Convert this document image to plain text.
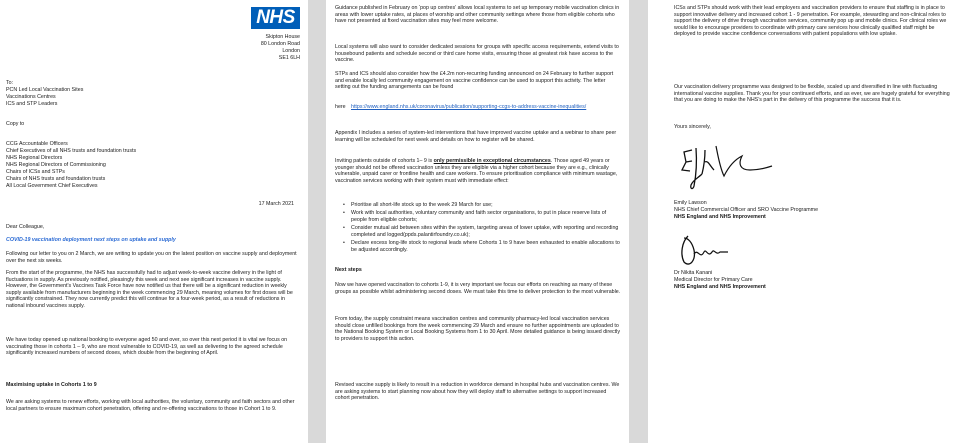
NHS
Skipton House
80 London Road
London
SE1 6LH
To:
PCN Led Local Vaccination Sites
Vaccinations Centres
ICS and STP Leaders
Copy to
CCG Accountable Officers
Chief Executives of all NHS trusts and foundation trusts
NHS Regional Directors
NHS Regional Directors of Commissioning
Chairs of ICSs and STPs
Chairs of NHS trusts and foundation trusts
All Local Government Chief Executives
17 March 2021
Dear Colleague,
COVID-19 vaccination deployment next steps on uptake and supply
Following our letter to you on 2 March, we are writing to update you on the latest position on vaccine supply and deployment over the next six weeks.
From the start of the programme, the NHS has successfully had to adjust week-to-week vaccine delivery in the light of fluctuations in supply. As previously notified, pleasingly this week and next see significant increases in vaccine supply. However, the Government's Vaccines Task Force have now notified us that there will be a significant reduction in weekly supply available from manufacturers beginning in the week commencing 29 March, meaning volumes for first doses will be significantly constrained. They now currently predict this will continue for a four-week period, as a result of reductions in national inbound vaccines supply.
We have today opened up national booking to everyone aged 50 and over, so over this next period it is vital we focus on vaccinating those in cohorts 1 – 9, who are most vulnerable to COVID-19, as well as delivering to the agreed schedule significantly increased numbers of second doses, which double from the beginning of April.
Maximising uptake in Cohorts 1 to 9
We are asking systems to renew efforts, working with local authorities, the voluntary, community and faith sectors and other local partners to ensure maximum cohort penetration, offering and re-offering vaccinations to those in Cohort 1 to 9.
Guidance published in February on ‘pop up centres’ allows local systems to set up temporary mobile vaccination clinics in areas with lower uptake rates, at places of worship and other community settings where those from eligible cohorts who have not presented at fixed vaccination sites may feel more welcome.
Local systems will also want to consider dedicated sessions for groups with specific access requirements, extend visits to housebound patients and schedule second or third care home visits, ensuring those at greatest risk have access to the vaccine.
STPs and ICS should also consider how the £4.2m non-recurring funding announced on 24 February to further support and enable locally led community engagement on vaccine confidence can be used to support this activity. The letter setting out the funding arrangements can be found
here https://www.england.nhs.uk/coronavirus/publication/supporting-ccgs-to-address-vaccine-inequalities/
Appendix I includes a series of system-led interventions that have improved vaccine uptake and a webinar to share peer learning will be scheduled for next week and details on how to register will be shared.
Inviting patients outside of cohorts 1– 9 is only permissible in exceptional circumstances. Those aged 49 years or younger should not be offered vaccination unless they are eligible via a higher cohort because they are e.g., clinically vulnerable, unpaid carer or frontline health and care workers. To ensure prioritisation compliance with minimum wastage, vaccination services working with their system must with immediate effect:
• Prioritise all short-life stock up to the week 29 March for use;
• Work with local authorities, voluntary community and faith sector organisations, to put in place reserve lists of people from eligible cohorts;
• Consider mutual aid between sites within the system, targeting areas of lower uptake, with reporting and recording completed and logged(ppds.palantirfoundry.co.uk);
• Declare excess long-life stock to regional leads where Cohorts 1 to 9 have been exhausted to enable allocations to be adjusted accordingly.
Next steps
Now we have opened vaccination to cohorts 1-9, it is very important we focus our efforts on reaching as many of these groups as possible whilst administering second doses. We must take this time to deliver protection to the most vulnerable.
From today, the supply constraint means vaccination centres and community pharmacy-led local vaccination services should close unfilled bookings from the week commencing 29 March and ensure no further appointments are uploaded to the National Booking System or Local Booking Systems from 1 to 30 April. More detailed guidance is being issued directly to providers to support this action.
Revised vaccine supply is likely to result in a reduction in workforce demand in hospital hubs and vaccination centres. We are asking systems to start planning now about how they will deploy staff to alternative settings to support increased cohort penetration.
ICSs and STPs should work with their lead employers and vaccination providers to ensure that staffing is in place to support innovative delivery and increased cohort 1 - 9 penetration. For example, stewarding and non-clinical roles to support the delivery of drive through vaccination services, community pop up and mobile clinics. For clinical roles we would like to encourage providers to coordinate with primary care services how clinically qualified staff might be deployed to provide vaccine confidence conversations with patient populations with low uptake.
Our vaccination delivery programme was designed to be flexible, scaled up and diversified in line with fluctuating international vaccine supplies. Thank you for your continued efforts, and as ever, we are hugely grateful for everything that you are doing to make the NHS’s part in the delivery of this programme the success that it is.
Yours sincerely,
Emily Lawson
NHS Chief Commercial Officer and SRO Vaccine Programme
NHS England and NHS Improvement
Dr Nikita Kanani
Medical Director for Primary Care
NHS England and NHS Improvement
